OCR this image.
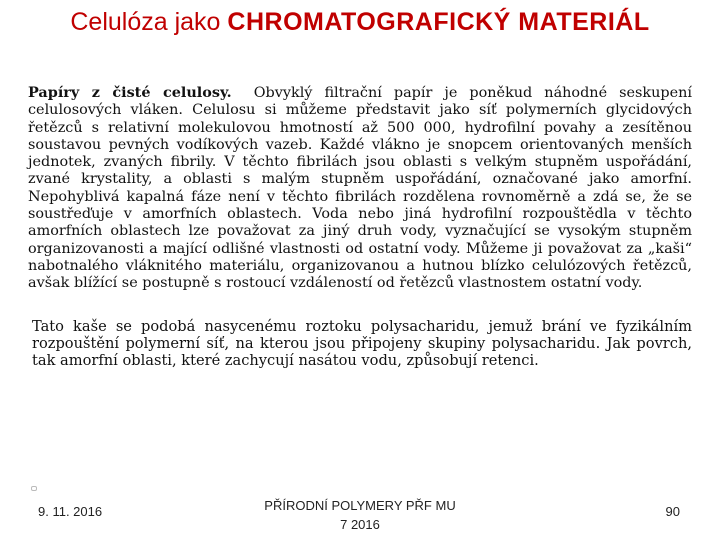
Celulóza jako CHROMATOGRAFICKÝ MATERIÁL

Papíry z čisté celulosy. Obvyklý filtrační papír je poněkud náhodné seskupení celulosových vláken. Celulosu si můžeme představit jako síť polymerních glycidových řetězců s relativní molekulovou hmotností až 500 000, hydrofilní povahy a zesítěnou soustavou pevných vodíkových vazeb. Každé vlákno je snopcem orientovaných menších jednotek, zvaných fibrily. V těchto fibrilách jsou oblasti s velkým stupněm uspořádání, zvané krystality, a oblasti s malým stupněm uspořádání, označované jako amorfní. Nepohyblivá kapalná fáze není v těchto fibrilách rozdělena rovnoměrně a zdá se, že se soustřeďuje v amorfních oblastech. Voda nebo jiná hydrofilní rozpouštědla v těchto amorfních oblastech lze považovat za jiný druh vody, vyznačující se vysokým stupněm organizovanosti a mající odlišné vlastnosti od ostatní vody. Můžeme ji považovat za „kaši“ nabotnalého vláknitého materiálu, organizovanou a hutnou blízko celulózových řetězců, avšak blížící se postupně s rostoucí vzdáleností od řetězců vlastnostem ostatní vody.

Tato kaše se podobá nasycenému roztoku polysacharidu, jemuž brání ve fyzikálním rozpouštění polymerní síť, na kterou jsou připojeny skupiny polysacharidu. Jak povrch, tak amorfní oblasti, které zachycují nasátou vodu, způsobují retenci.

9. 11. 2016	PŘÍRODNÍ POLYMERY PŘF MU
7 2016
90
